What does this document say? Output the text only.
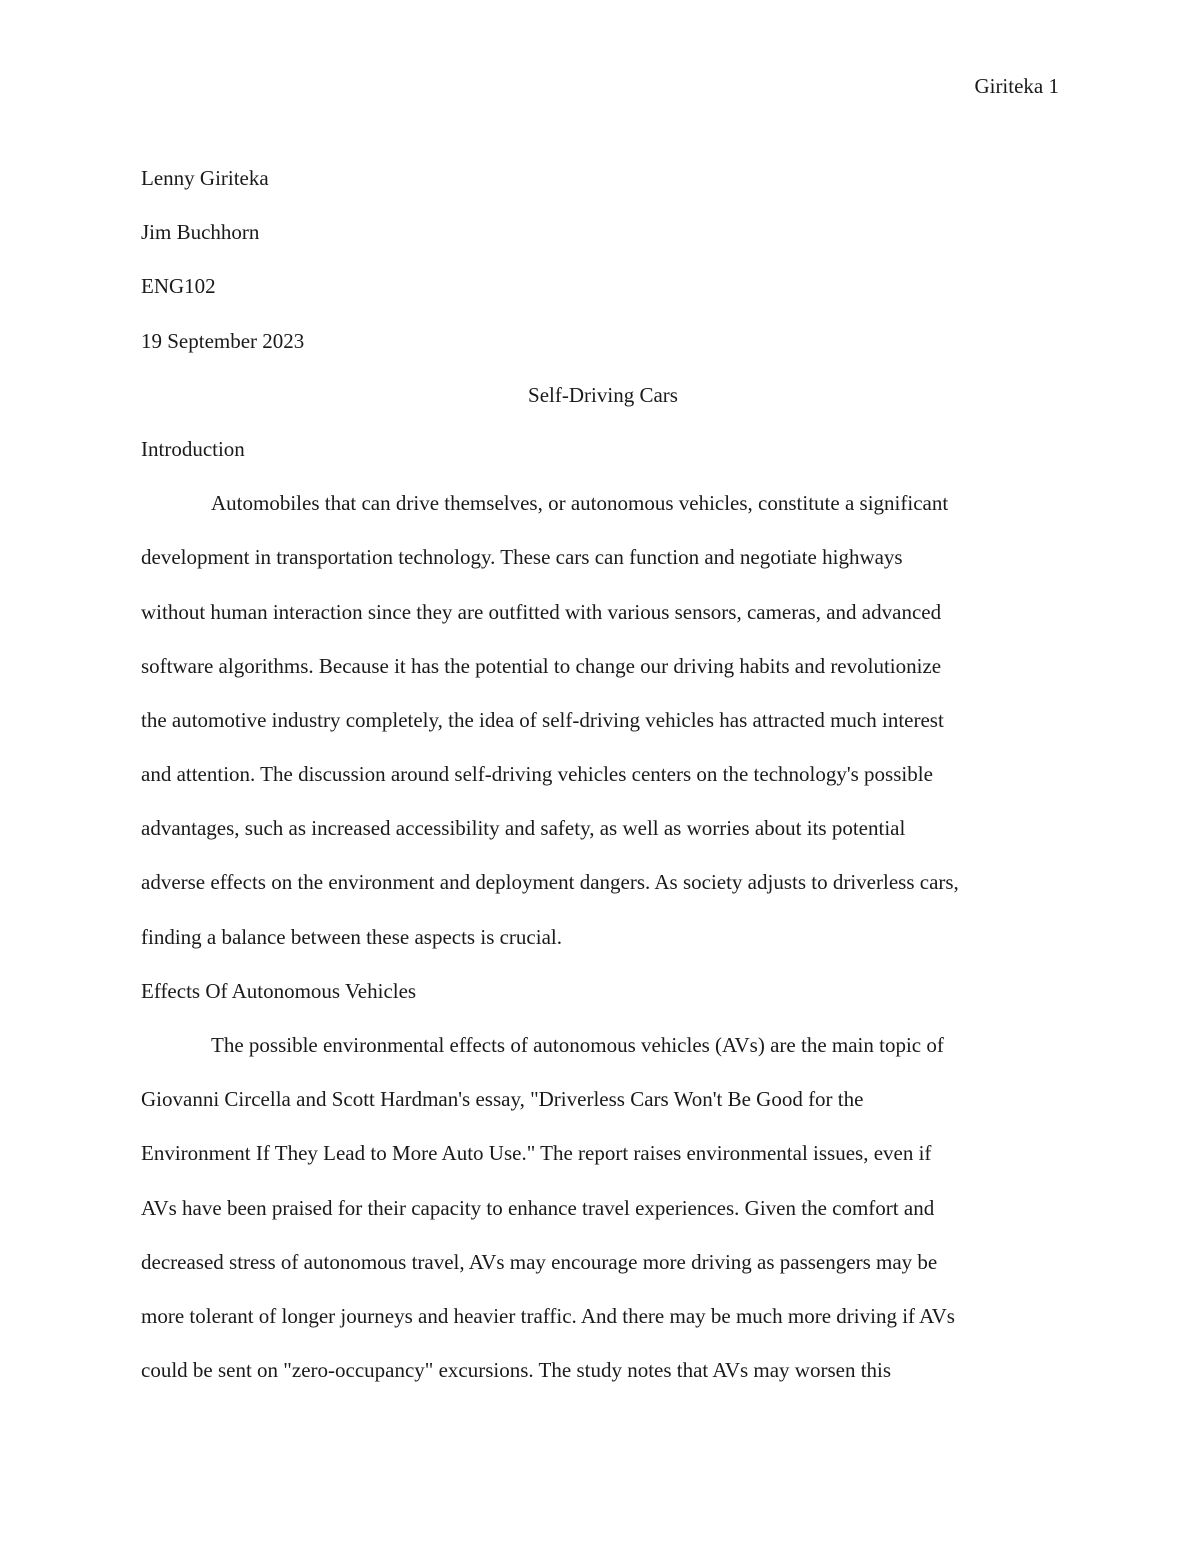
Giriteka 1
Lenny Giriteka
Jim Buchhorn
ENG102
19 September 2023
Self-Driving Cars
Introduction
Automobiles that can drive themselves, or autonomous vehicles, constitute a significant
development in transportation technology. These cars can function and negotiate highways
without human interaction since they are outfitted with various sensors, cameras, and advanced
software algorithms. Because it has the potential to change our driving habits and revolutionize
the automotive industry completely, the idea of self-driving vehicles has attracted much interest
and attention. The discussion around self-driving vehicles centers on the technology's possible
advantages, such as increased accessibility and safety, as well as worries about its potential
adverse effects on the environment and deployment dangers. As society adjusts to driverless cars,
finding a balance between these aspects is crucial.
Effects Of Autonomous Vehicles
The possible environmental effects of autonomous vehicles (AVs) are the main topic of
Giovanni Circella and Scott Hardman's essay, "Driverless Cars Won't Be Good for the
Environment If They Lead to More Auto Use." The report raises environmental issues, even if
AVs have been praised for their capacity to enhance travel experiences. Given the comfort and
decreased stress of autonomous travel, AVs may encourage more driving as passengers may be
more tolerant of longer journeys and heavier traffic. And there may be much more driving if AVs
could be sent on "zero-occupancy" excursions. The study notes that AVs may worsen this
